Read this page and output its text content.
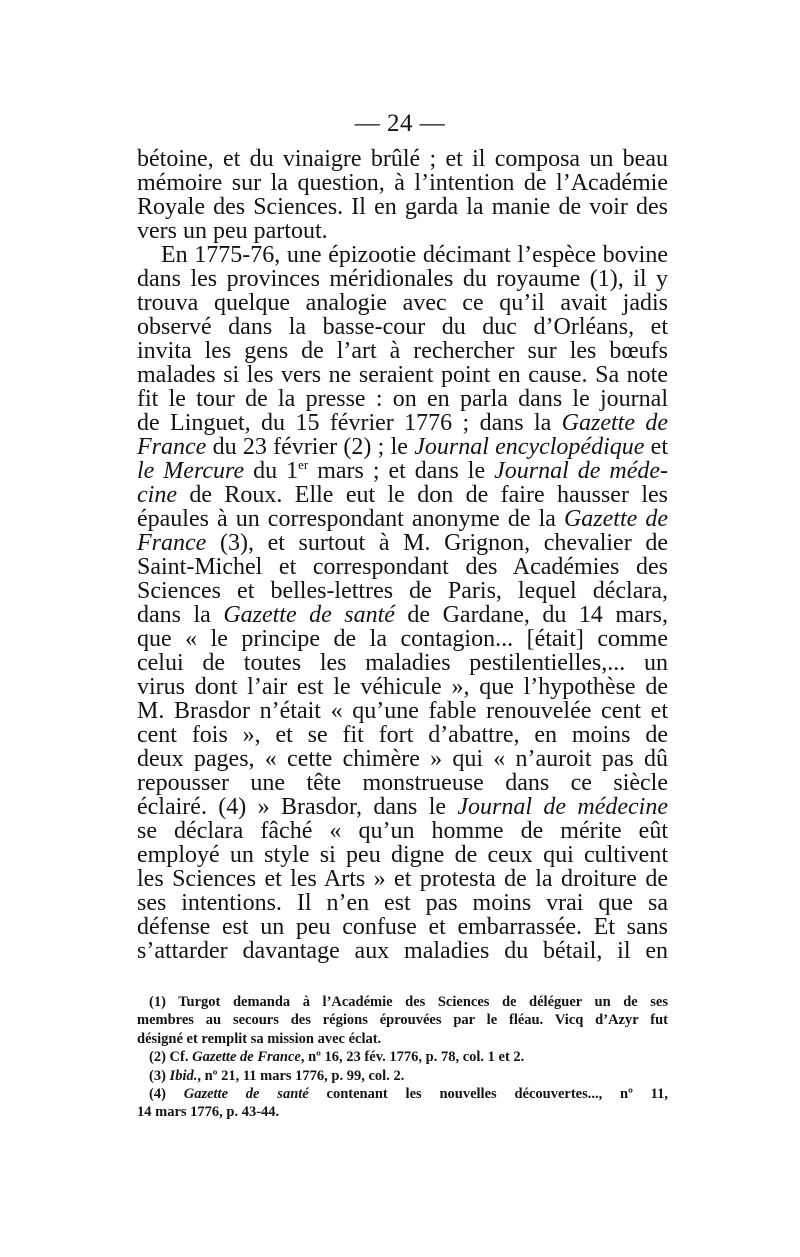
— 24 —
bétoine, et du vinaigre brûlé ; et il composa un beau
mémoire sur la question, à l’intention de l’Académie
Royale des Sciences. Il en garda la manie de voir des
vers un peu partout.
En 1775-76, une épizootie décimant l’espèce bovine
dans les provinces méridionales du royaume (1), il y
trouva quelque analogie avec ce qu’il avait jadis
observé dans la basse-cour du duc d’Orléans, et
invita les gens de l’art à rechercher sur les bœufs
malades si les vers ne seraient point en cause. Sa note
fit le tour de la presse : on en parla dans le journal
de Linguet, du 15 février 1776 ; dans la Gazette de
France du 23 février (2) ; le Journal encyclopédique et
le Mercure du 1er mars ; et dans le Journal de méde-
cine de Roux. Elle eut le don de faire hausser les
épaules à un correspondant anonyme de la Gazette de
France (3), et surtout à M. Grignon, chevalier de
Saint-Michel et correspondant des Académies des
Sciences et belles-lettres de Paris, lequel déclara,
dans la Gazette de santé de Gardane, du 14 mars,
que « le principe de la contagion... [était] comme
celui de toutes les maladies pestilentielles,... un
virus dont l’air est le véhicule », que l’hypothèse de
M. Brasdor n’était « qu’une fable renouvelée cent et
cent fois », et se fit fort d’abattre, en moins de
deux pages, « cette chimère » qui « n’auroit pas dû
repousser une tête monstrueuse dans ce siècle
éclairé. (4) » Brasdor, dans le Journal de médecine
se déclara fâché « qu’un homme de mérite eût
employé un style si peu digne de ceux qui cultivent
les Sciences et les Arts » et protesta de la droiture de
ses intentions. Il n’en est pas moins vrai que sa
défense est un peu confuse et embarrassée. Et sans
s’attarder davantage aux maladies du bétail, il en
(1) Turgot demanda à l’Académie des Sciences de déléguer un de ses
membres au secours des régions éprouvées par le fléau. Vicq d’Azyr fut
désigné et remplit sa mission avec éclat.
(2) Cf. Gazette de France, nº 16, 23 fév. 1776, p. 78, col. 1 et 2.
(3) Ibid., nº 21, 11 mars 1776, p. 99, col. 2.
(4) Gazette de santé contenant les nouvelles découvertes..., nº 11,
14 mars 1776, p. 43-44.
